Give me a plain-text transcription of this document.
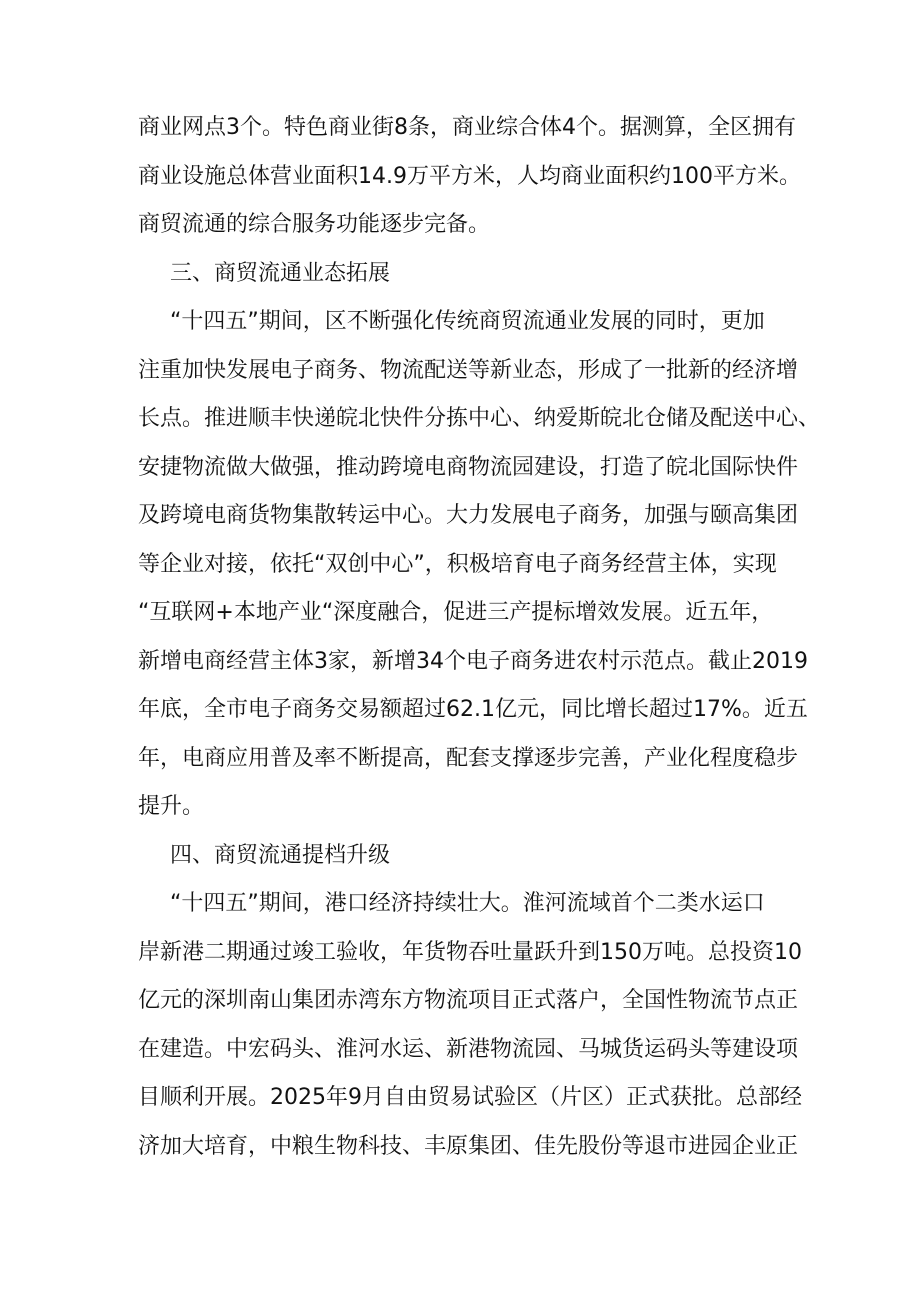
商业网点3个。特色商业街8条，商业综合体4个。据测算，全区拥有
商业设施总体营业面积14.9万平方米，人均商业面积约100平方米。
商贸流通的综合服务功能逐步完备。
三、商贸流通业态拓展
“十四五”期间，区不断强化传统商贸流通业发展的同时，更加
注重加快发展电子商务、物流配送等新业态，形成了一批新的经济增
长点。推进顺丰快递皖北快件分拣中心、纳爱斯皖北仓储及配送中心、
安捷物流做大做强，推动跨境电商物流园建设，打造了皖北国际快件
及跨境电商货物集散转运中心。大力发展电子商务，加强与颐高集团
等企业对接，依托“双创中心”，积极培育电子商务经营主体，实现
“互联网+本地产业“深度融合，促进三产提标增效发展。近五年，
新增电商经营主体3家，新增34个电子商务进农村示范点。截止2019
年底，全市电子商务交易额超过62.1亿元，同比增长超过17%。近五
年，电商应用普及率不断提高，配套支撑逐步完善，产业化程度稳步
提升。
四、商贸流通提档升级
“十四五”期间，港口经济持续壮大。淮河流域首个二类水运口
岸新港二期通过竣工验收，年货物吞吐量跃升到150万吨。总投资10
亿元的深圳南山集团赤湾东方物流项目正式落户，全国性物流节点正
在建造。中宏码头、淮河水运、新港物流园、马城货运码头等建设项
目顺利开展。2025年9月自由贸易试验区（片区）正式获批。总部经
济加大培育，中粮生物科技、丰原集团、佳先股份等退市进园企业正
